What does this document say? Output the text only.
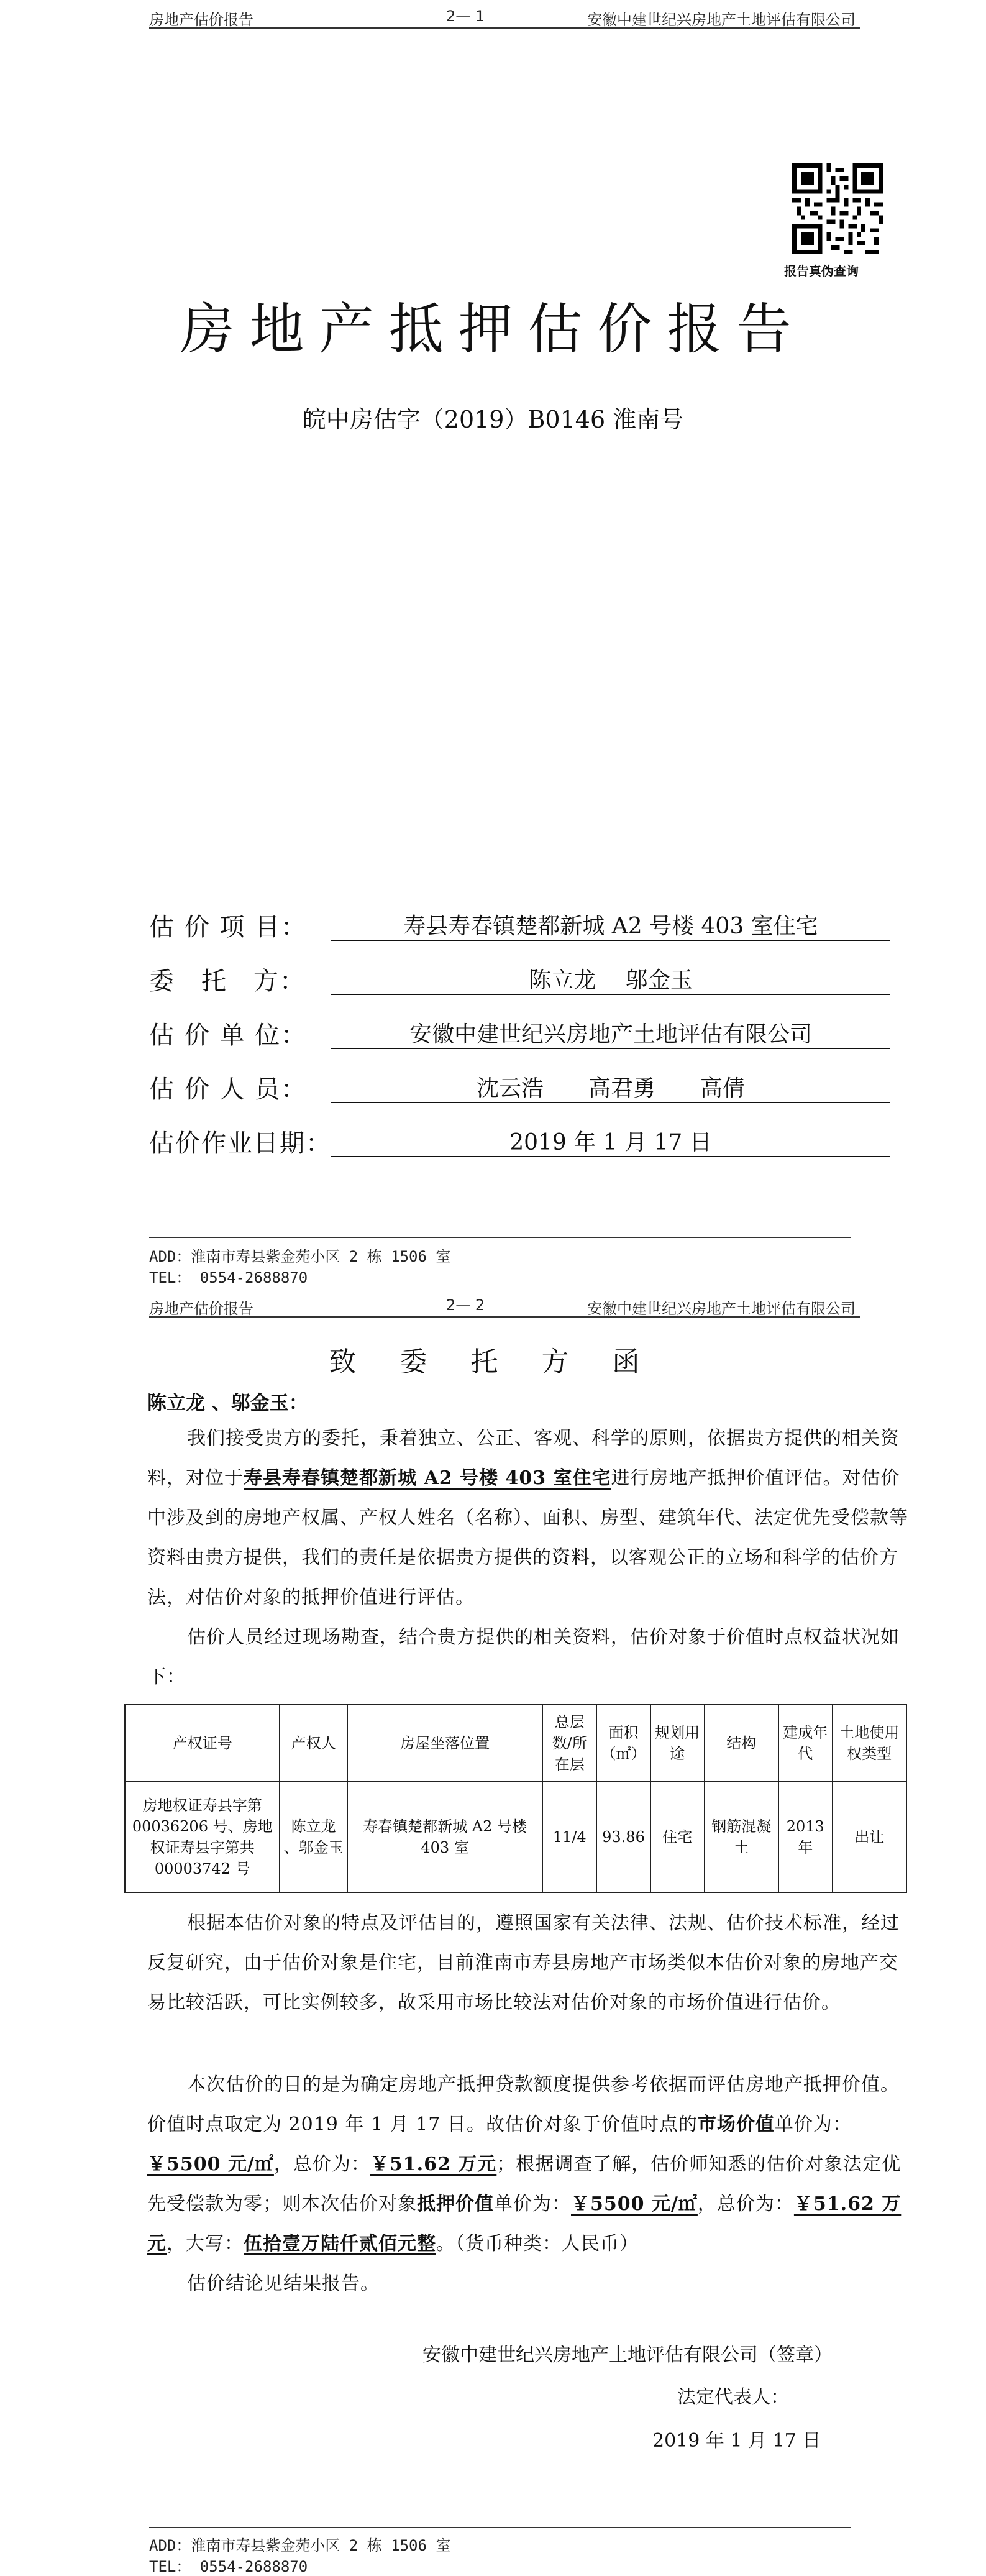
房地产估价报告	2— 1	安徽中建世纪兴房地产土地评估有限公司
报告真伪查询
房地产抵押估价报告
皖中房估字（2019）B0146 淮南号
估 价 项 目：	寿县寿春镇楚都新城 A2 号楼 403 室住宅
委　托　方：	陈立龙　 邬金玉
估 价 单 位：	安徽中建世纪兴房地产土地评估有限公司
估 价 人 员：	沈云浩　　高君勇　　高倩
估价作业日期：	2019 年 1 月 17 日
ADD：淮南市寿县紫金苑小区 2 栋 1506 室
TEL： 0554-2688870
房地产估价报告	2— 2	安徽中建世纪兴房地产土地评估有限公司
致 委 托 方 函
陈立龙 、邬金玉：
我们接受贵方的委托，秉着独立、公正、客观、科学的原则，依据贵方提供的相关资料，对位于寿县寿春镇楚都新城 A2 号楼 403 室住宅进行房地产抵押价值评估。对估价中涉及到的房地产权属、产权人姓名（名称）、面积、房型、建筑年代、法定优先受偿款等资料由贵方提供，我们的责任是依据贵方提供的资料，以客观公正的立场和科学的估价方法，对估价对象的抵押价值进行评估。
估价人员经过现场勘查，结合贵方提供的相关资料，估价对象于价值时点权益状况如下：
产权证号	产权人	房屋坐落位置	总层数/所在层	面积（㎡）	规划用途	结构	建成年代	土地使用权类型
房地权证寿县字第00036206 号、房地权证寿县字第共 00003742 号	陈立龙 、邬金玉	寿春镇楚都新城 A2 号楼 403 室	11/4	93.86	住宅	钢筋混凝土	2013 年	出让
根据本估价对象的特点及评估目的，遵照国家有关法律、法规、估价技术标准，经过反复研究，由于估价对象是住宅，目前淮南市寿县房地产市场类似本估价对象的房地产交易比较活跃，可比实例较多，故采用市场比较法对估价对象的市场价值进行估价。
本次估价的目的是为确定房地产抵押贷款额度提供参考依据而评估房地产抵押价值。价值时点取定为 2019 年 1 月 17 日。故估价对象于价值时点的市场价值单价为：￥5500 元/㎡，总价为：￥51.62 万元；根据调查了解，估价师知悉的估价对象法定优先受偿款为零；则本次估价对象抵押价值单价为：￥5500 元/㎡，总价为：￥51.62 万元，大写：伍拾壹万陆仟贰佰元整。（货币种类：人民币）
估价结论见结果报告。
安徽中建世纪兴房地产土地评估有限公司（签章）
法定代表人：
2019 年 1 月 17 日
ADD：淮南市寿县紫金苑小区 2 栋 1506 室
TEL： 0554-2688870
